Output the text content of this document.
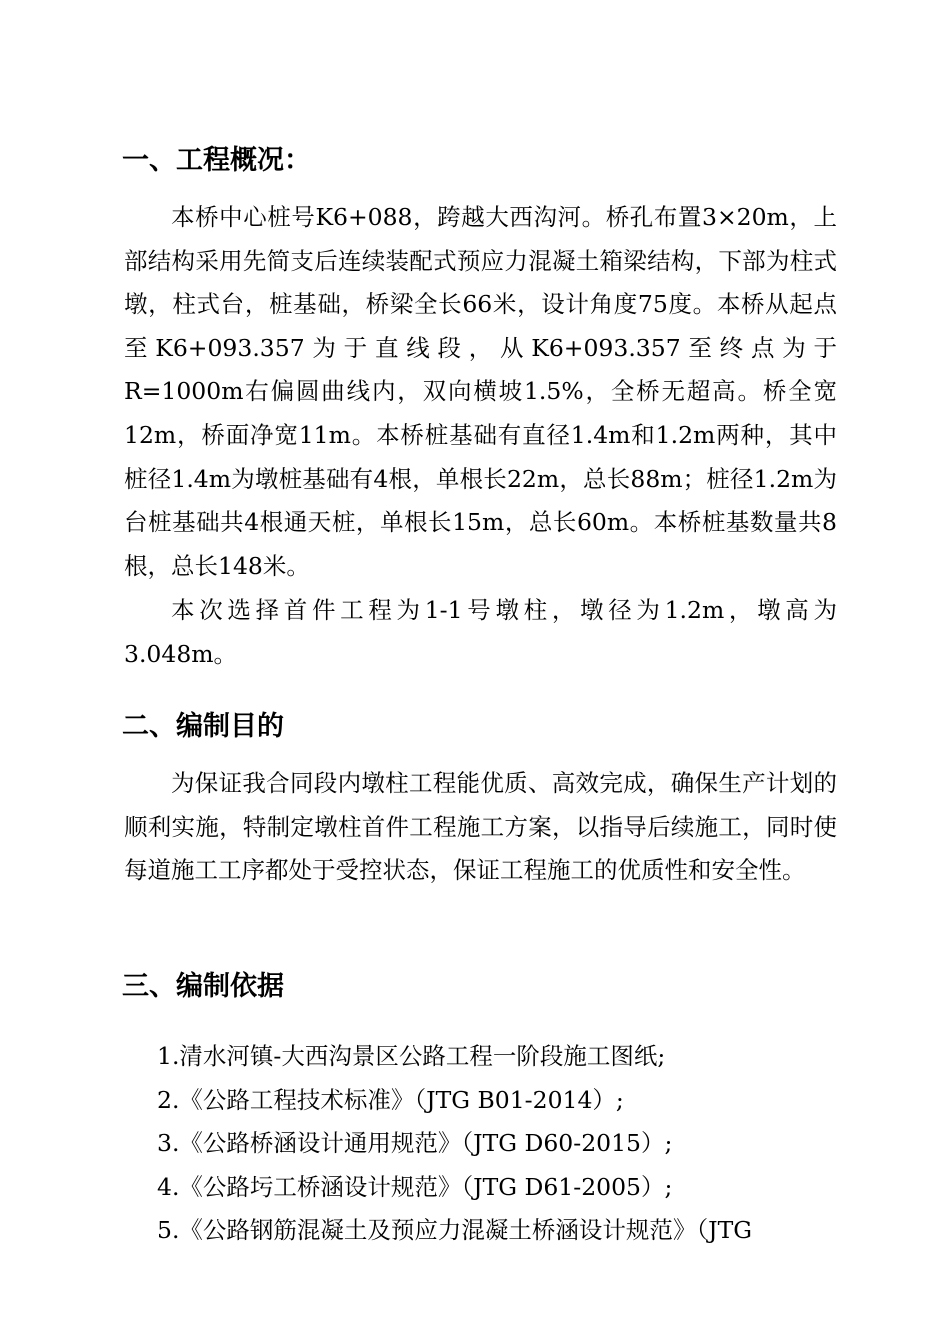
一、工程概况：

本桥中心桩号K6+088，跨越大西沟河。桥孔布置3×20m，上部结构采用先简支后连续装配式预应力混凝土箱梁结构，下部为柱式墩，柱式台，桩基础，桥梁全长66米，设计角度75度。本桥从起点至K6+093.357为于直线段，从K6+093.357至终点为于R=1000m右偏圆曲线内，双向横坡1.5%，全桥无超高。桥全宽12m，桥面净宽11m。本桥桩基础有直径1.4m和1.2m两种，其中桩径1.4m为墩桩基础有4根，单根长22m，总长88m；桩径1.2m为台桩基础共4根通天桩，单根长15m，总长60m。本桥桩基数量共8根，总长148米。

本次选择首件工程为1-1号墩柱，墩径为1.2m，墩高为3.048m。

二、编制目的

为保证我合同段内墩柱工程能优质、高效完成，确保生产计划的顺利实施，特制定墩柱首件工程施工方案，以指导后续施工，同时使每道施工工序都处于受控状态，保证工程施工的优质性和安全性。

三、编制依据
1.清水河镇-大西沟景区公路工程一阶段施工图纸;
2.《公路工程技术标准》（JTG B01-2014）;
3.《公路桥涵设计通用规范》（JTG D60-2015）;
4.《公路圬工桥涵设计规范》（JTG D61-2005）;
5.《公路钢筋混凝土及预应力混凝土桥涵设计规范》（JTG
